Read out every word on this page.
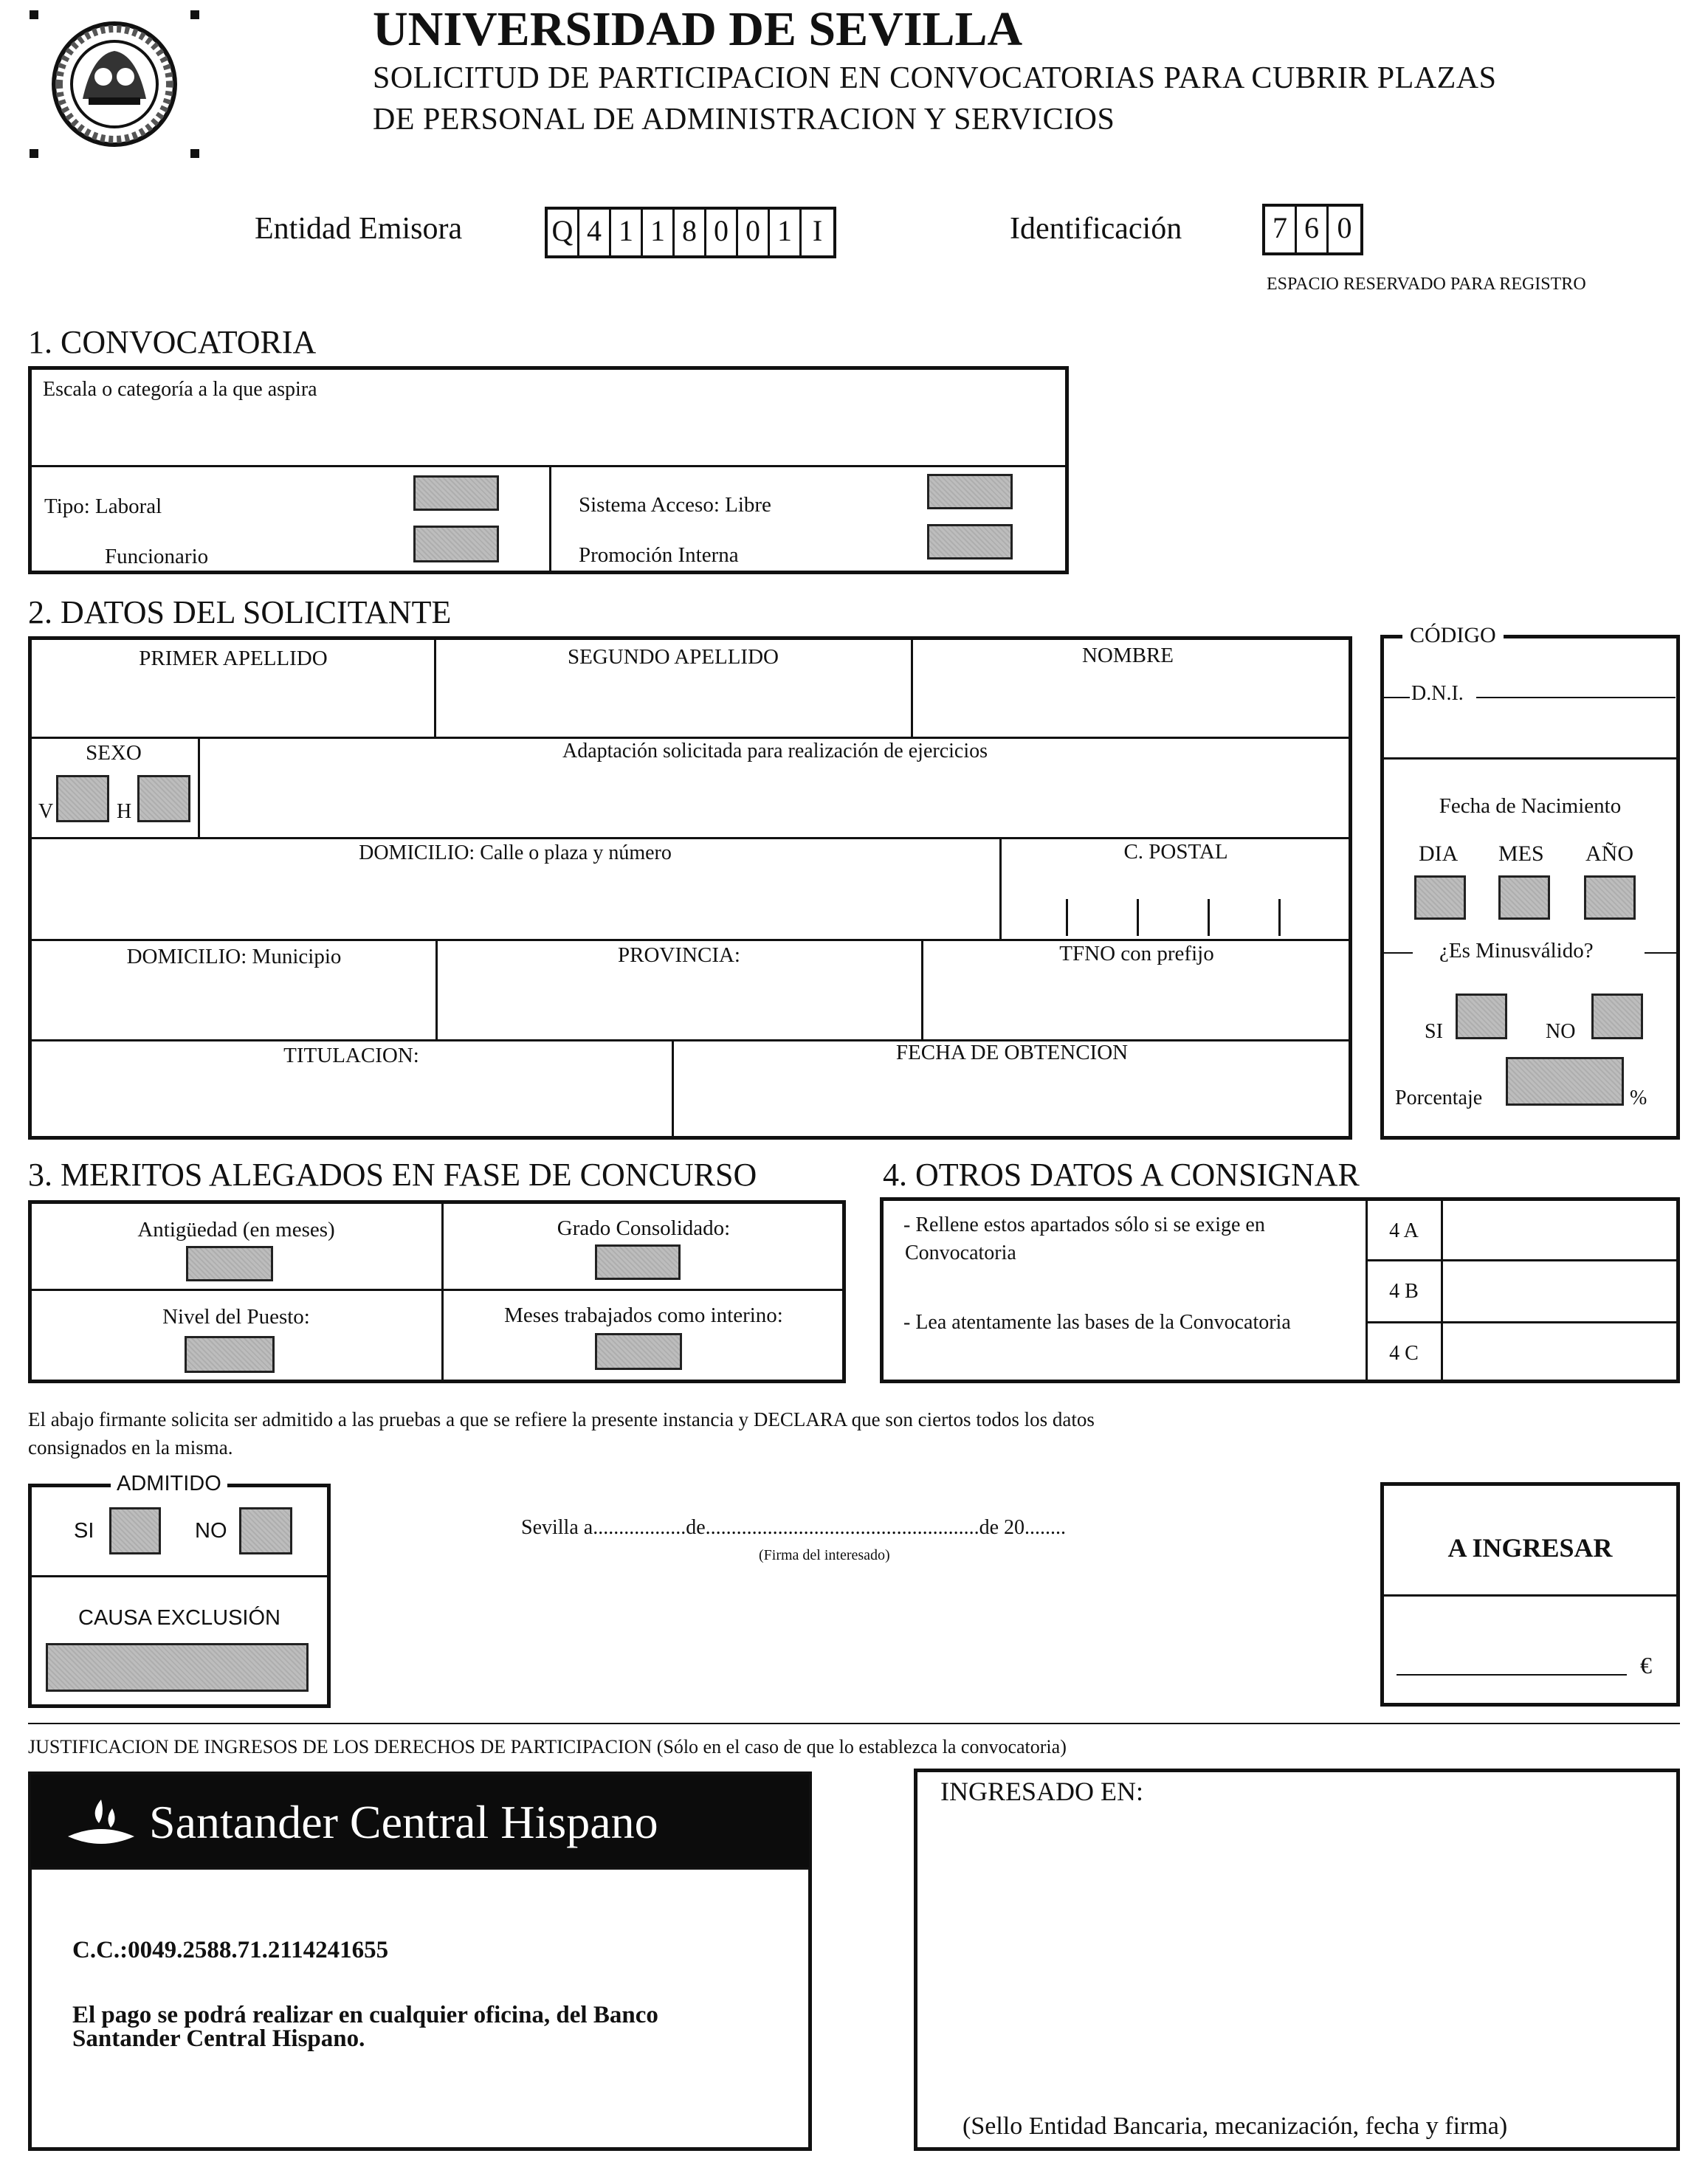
UNIVERSIDAD DE SEVILLA
SOLICITUD DE PARTICIPACION EN CONVOCATORIAS PARA CUBRIR PLAZAS
DE PERSONAL DE ADMINISTRACION Y SERVICIOS
Entidad Emisora	Q 4 1 1 8 0 0 1 I	Identificación	7 6 0
ESPACIO RESERVADO PARA REGISTRO
1. CONVOCATORIA
Escala o categoría a la que aspira
Tipo: Laboral
Funcionario
Sistema Acceso: Libre
Promoción Interna
2. DATOS DEL SOLICITANTE
PRIMER APELLIDO	SEGUNDO APELLIDO	NOMBRE
SEXO
V	H
Adaptación solicitada para realización de ejercicios
DOMICILIO: Calle o plaza y número	C. POSTAL
DOMICILIO: Municipio	PROVINCIA:	TFNO con prefijo
TITULACION:	FECHA DE OBTENCION
CÓDIGO
D.N.I.
Fecha de Nacimiento
DIA MES AÑO
¿Es Minusválido?
SI	NO
Porcentaje	%
3. MERITOS ALEGADOS EN FASE DE CONCURSO
Antigüedad (en meses)	Grado Consolidado:
Nivel del Puesto:	Meses trabajados como interino:
4. OTROS DATOS A CONSIGNAR
- Rellene estos apartados sólo si se exige en
Convocatoria
- Lea atentamente las bases de la Convocatoria
4 A
4 B
4 C
El abajo firmante solicita ser admitido a las pruebas a que se refiere la presente instancia y DECLARA que son ciertos todos los datos
consignados en la misma.
ADMITIDO
SI	NO
CAUSA EXCLUSIÓN
Sevilla a..................de.....................................................de 20........
(Firma del interesado)	A INGRESAR
€
JUSTIFICACION DE INGRESOS DE LOS DERECHOS DE PARTICIPACION (Sólo en el caso de que lo establezca la convocatoria)
Santander Central Hispano
C.C.:0049.2588.71.2114241655
El pago se podrá realizar en cualquier oficina, del Banco
Santander Central Hispano.
INGRESADO EN:
(Sello Entidad Bancaria, mecanización, fecha y firma)
